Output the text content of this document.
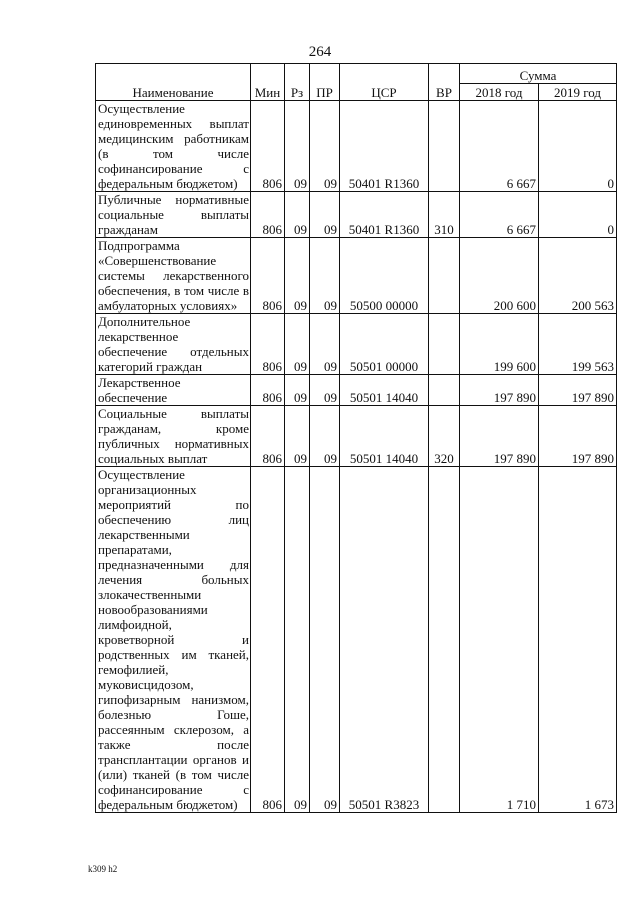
264
Наименование	Мин	Рз	ПР	ЦСР	ВР	Сумма	
						2018 год	2019 год
Осуществление единовременных выплат медицинским работникам (в том числе софинансирование с федеральным бюджетом)	806	09	09	50401 R1360		6 667	0
Публичные нормативные социальные выплаты гражданам	806	09	09	50401 R1360	310	6 667	0
Подпрограмма «Совершенствование системы лекарственного обеспечения, в том числе в амбулаторных условиях»	806	09	09	50500 00000		200 600	200 563
Дополнительное лекарственное обеспечение отдельных категорий граждан	806	09	09	50501 00000		199 600	199 563
Лекарственное обеспечение	806	09	09	50501 14040		197 890	197 890
Социальные выплаты гражданам, кроме публичных нормативных социальных выплат	806	09	09	50501 14040	320	197 890	197 890
Осуществление организационных мероприятий по обеспечению лиц лекарственными препаратами, предназначенными для лечения больных злокачественными новообразованиями лимфоидной, кроветворной и родственных им тканей, гемофилией, муковисцидозом, гипофизарным нанизмом, болезнью Гоше, рассеянным склерозом, а также после трансплантации органов и (или) тканей (в том числе софинансирование с федеральным бюджетом)	806	09	09	50501 R3823		1 710	1 673
k309 h2
